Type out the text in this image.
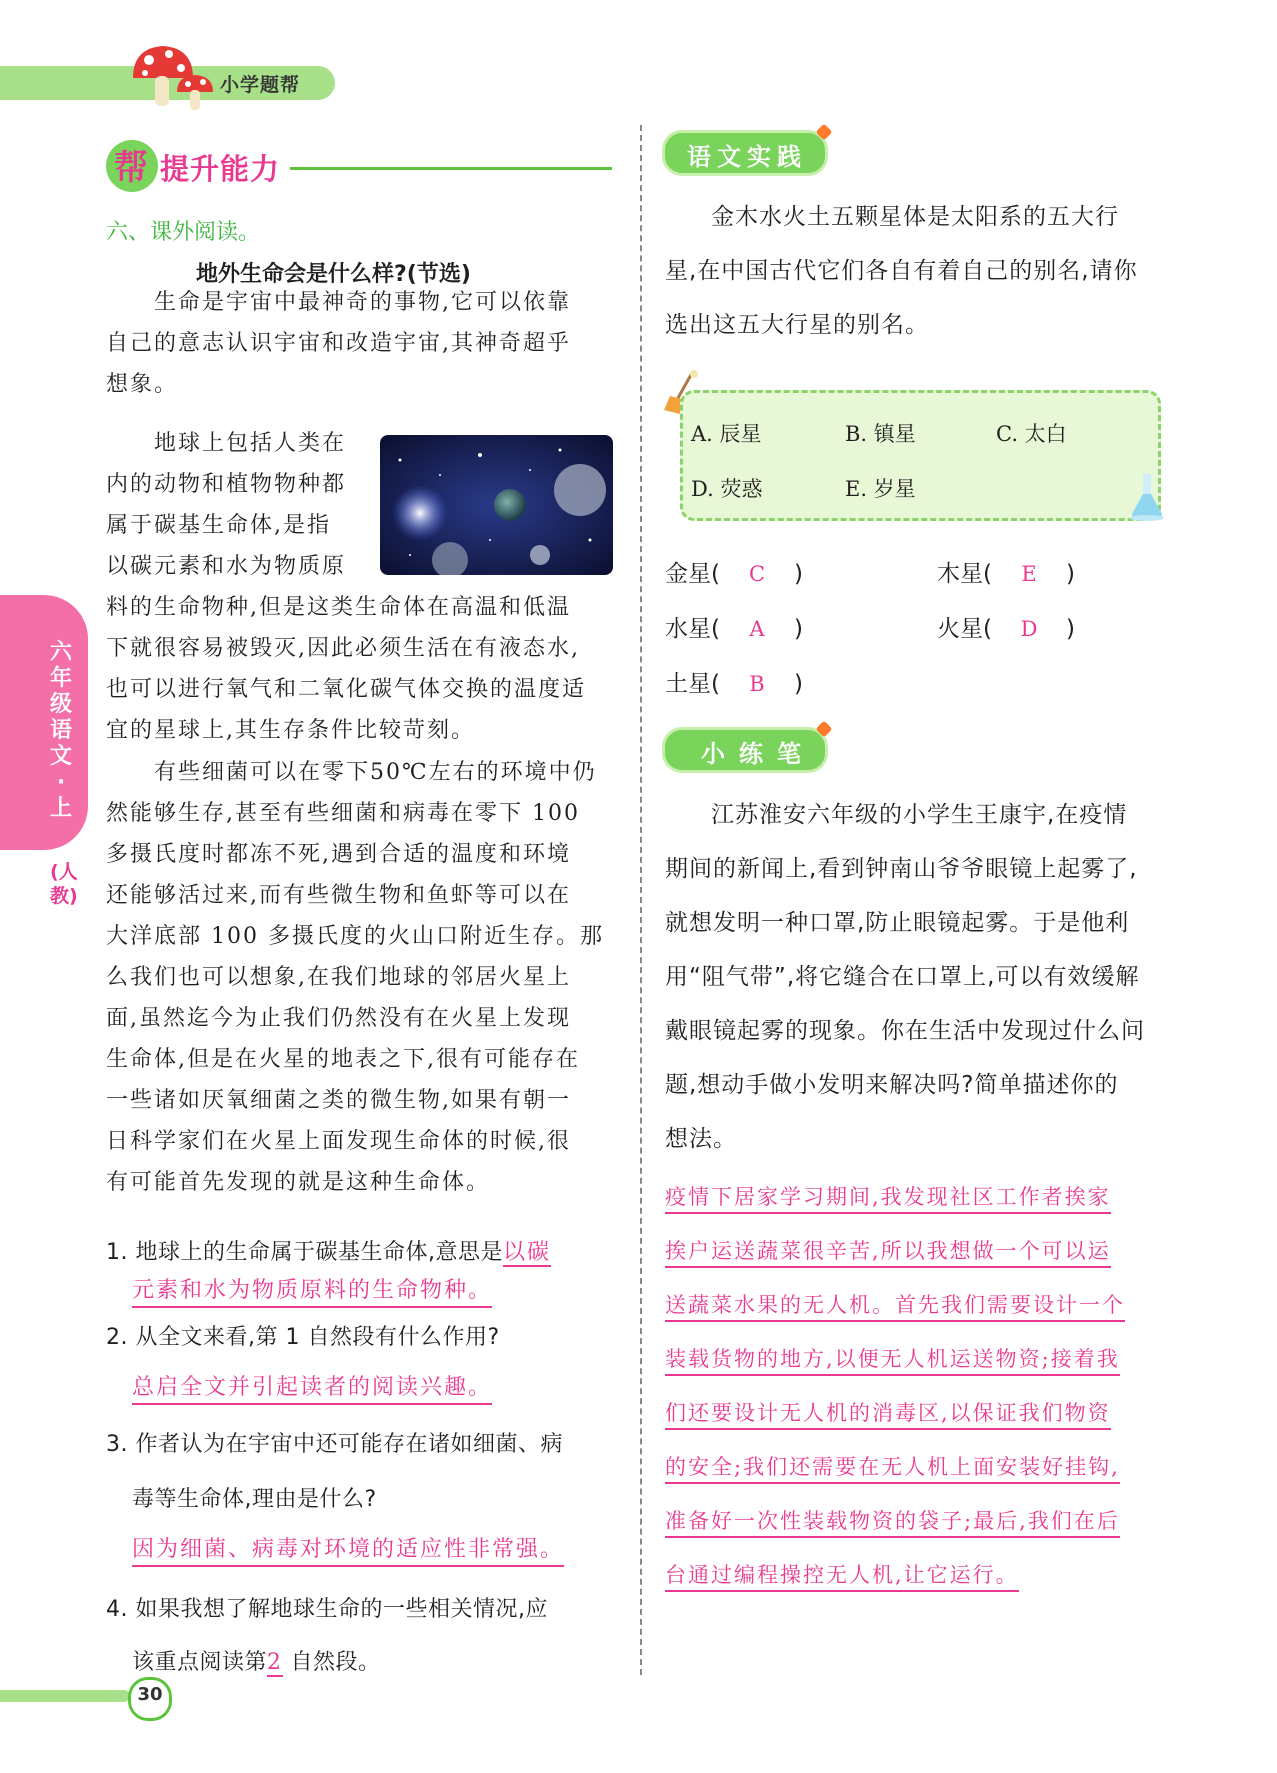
小学题帮
帮 提升能力
六、课外阅读。
地外生命会是什么样?(节选)
生命是宇宙中最神奇的事物,它可以依靠
自己的意志认识宇宙和改造宇宙,其神奇超乎
想象。
地球上包括人类在
内的动物和植物物种都
属于碳基生命体,是指
以碳元素和水为物质原
料的生命物种,但是这类生命体在高温和低温
下就很容易被毁灭,因此必须生活在有液态水,
也可以进行氧气和二氧化碳气体交换的温度适
宜的星球上,其生存条件比较苛刻。
有些细菌可以在零下50℃左右的环境中仍
然能够生存,甚至有些细菌和病毒在零下 100
多摄氏度时都冻不死,遇到合适的温度和环境
还能够活过来,而有些微生物和鱼虾等可以在
大洋底部 100 多摄氏度的火山口附近生存。那
么我们也可以想象,在我们地球的邻居火星上
面,虽然迄今为止我们仍然没有在火星上发现
生命体,但是在火星的地表之下,很有可能存在
一些诸如厌氧细菌之类的微生物,如果有朝一
日科学家们在火星上面发现生命体的时候,很
有可能首先发现的就是这种生命体。
1. 地球上的生命属于碳基生命体,意思是以碳
元素和水为物质原料的生命物种。
2. 从全文来看,第 1 自然段有什么作用?
总启全文并引起读者的阅读兴趣。
3. 作者认为在宇宙中还可能存在诸如细菌、病
毒等生命体,理由是什么?
因为细菌、病毒对环境的适应性非常强。
4. 如果我想了解地球生命的一些相关情况,应
该重点阅读第2 自然段。
语文实践
金木水火土五颗星体是太阳系的五大行
星,在中国古代它们各自有着自己的别名,请你
选出这五大行星的别名。
A. 辰星	B. 镇星	C. 太白
D. 荧惑	E. 岁星
金星( C )	木星( E )
水星( A )	火星( D )
土星( B )
小练笔
江苏淮安六年级的小学生王康宇,在疫情
期间的新闻上,看到钟南山爷爷眼镜上起雾了,
就想发明一种口罩,防止眼镜起雾。于是他利
用“阻气带”,将它缝合在口罩上,可以有效缓解
戴眼镜起雾的现象。你在生活中发现过什么问
题,想动手做小发明来解决吗?简单描述你的
想法。
疫情下居家学习期间,我发现社区工作者挨家
挨户运送蔬菜很辛苦,所以我想做一个可以运
送蔬菜水果的无人机。首先我们需要设计一个
装载货物的地方,以便无人机运送物资;接着我
们还要设计无人机的消毒区,以保证我们物资
的安全;我们还需要在无人机上面安装好挂钩,
准备好一次性装载物资的袋子;最后,我们在后
台通过编程操控无人机,让它运行。
六年级语文·上
(人教)
30
